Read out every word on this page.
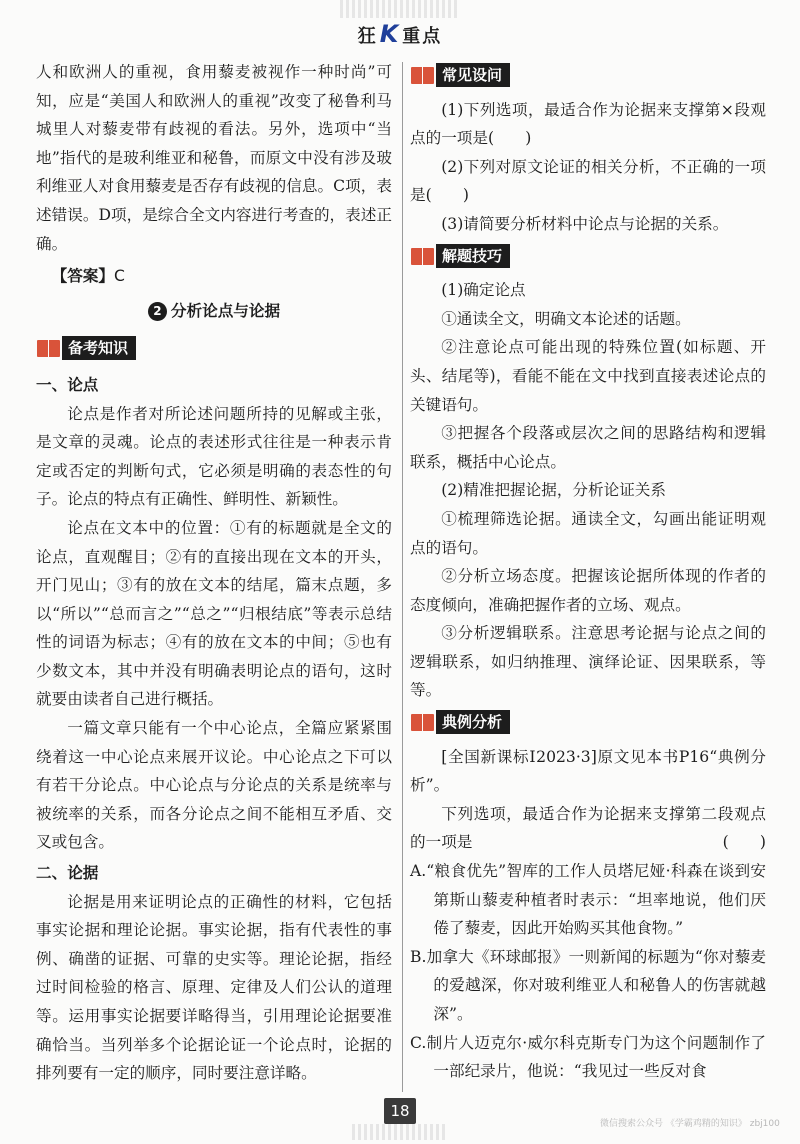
狂K 重点

人和欧洲人的重视，食用藜麦被视作一种时尚”可知，应是“美国人和欧洲人的重视”改变了秘鲁利马城里人对藜麦带有歧视的看法。另外，选项中“当地”指代的是玻利维亚和秘鲁，而原文中没有涉及玻利维亚人对食用藜麦是否存有歧视的信息。C项，表述错误。D项，是综合全文内容进行考查的，表述正确。

【答案】C

2 分析论点与论据
备考知识
一、论点

论点是作者对所论述问题所持的见解或主张，是文章的灵魂。论点的表述形式往往是一种表示肯定或否定的判断句式，它必须是明确的表态性的句子。论点的特点有正确性、鲜明性、新颖性。

论点在文本中的位置：①有的标题就是全文的论点，直观醒目；②有的直接出现在文本的开头，开门见山；③有的放在文本的结尾，篇末点题，多以“所以”“总而言之”“总之”“归根结底”等表示总结性的词语为标志；④有的放在文本的中间；⑤也有少数文本，其中并没有明确表明论点的语句，这时就要由读者自己进行概括。

一篇文章只能有一个中心论点，全篇应紧紧围绕着这一中心论点来展开议论。中心论点之下可以有若干分论点。中心论点与分论点的关系是统率与被统率的关系，而各分论点之间不能相互矛盾、交叉或包含。

二、论据

论据是用来证明论点的正确性的材料，它包括事实论据和理论论据。事实论据，指有代表性的事例、确凿的证据、可靠的史实等。理论论据，指经过时间检验的格言、原理、定律及人们公认的道理等。运用事实论据要详略得当，引用理论论据要准确恰当。当列举多个论据论证一个论点时，论据的排列要有一定的顺序，同时要注意详略。

常见设问

(1)下列选项，最适合作为论据来支撑第×段观点的一项是(　　)

(2)下列对原文论证的相关分析，不正确的一项是(　　)

(3)请简要分析材料中论点与论据的关系。

解题技巧

(1)确定论点

①通读全文，明确文本论述的话题。

②注意论点可能出现的特殊位置(如标题、开头、结尾等)，看能不能在文中找到直接表述论点的关键语句。

③把握各个段落或层次之间的思路结构和逻辑联系，概括中心论点。

(2)精准把握论据，分析论证关系

①梳理筛选论据。通读全文，勾画出能证明观点的语句。

②分析立场态度。把握该论据所体现的作者的态度倾向，准确把握作者的立场、观点。

③分析逻辑联系。注意思考论据与论点之间的逻辑联系，如归纳推理、演绎论证、因果联系，等等。

典例分析

[全国新课标Ⅰ2023·3]原文见本书P16“典例分析”。

下列选项，最适合作为论据来支撑第二段观点的一项是	(　　)

A.“粮食优先”智库的工作人员塔尼娅·科森在谈到安第斯山藜麦种植者时表示：“坦率地说，他们厌倦了藜麦，因此开始购买其他食物。”

B.加拿大《环球邮报》一则新闻的标题为“你对藜麦的爱越深，你对玻利维亚人和秘鲁人的伤害就越深”。

C.制片人迈克尔·威尔科克斯专门为这个问题制作了一部纪录片，他说：“我见过一些反对食

18
微信搜索公众号 《学霸鸡精的知识》 zbj100
